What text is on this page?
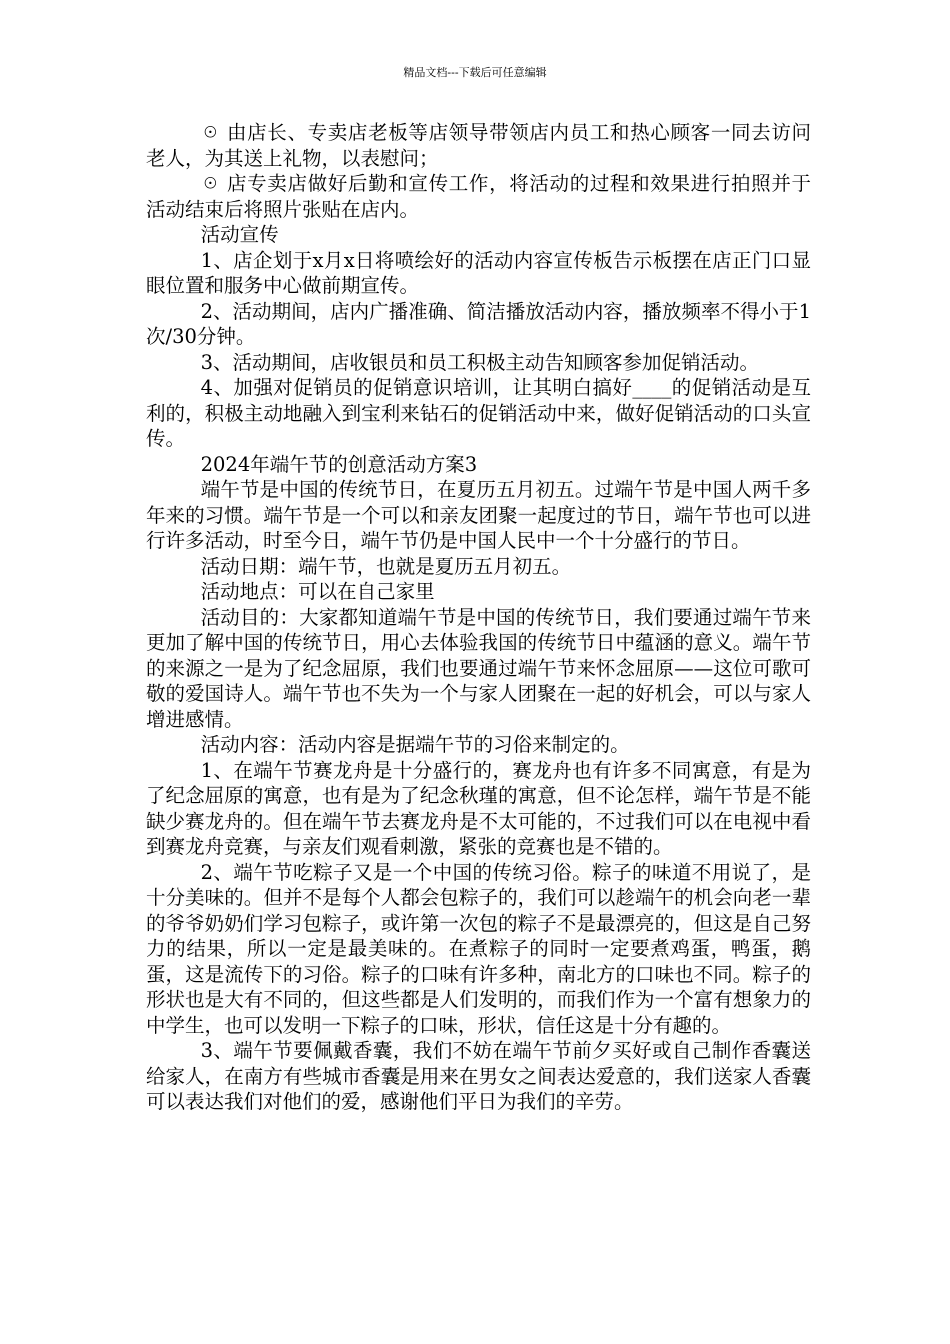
精品文档---下载后可任意编辑

☉ 由店长、专卖店老板等店领导带领店内员工和热心顾客一同去访问老人，为其送上礼物，以表慰问；

☉ 店专卖店做好后勤和宣传工作，将活动的过程和效果进行拍照并于活动结束后将照片张贴在店内。

活动宣传

1、店企划于x月x日将喷绘好的活动内容宣传板告示板摆在店正门口显眼位置和服务中心做前期宣传。

2、活动期间，店内广播准确、简洁播放活动内容，播放频率不得小于1次/30分钟。

3、活动期间，店收银员和员工积极主动告知顾客参加促销活动。

4、加强对促销员的促销意识培训，让其明白搞好____的促销活动是互利的，积极主动地融入到宝利来钻石的促销活动中来，做好促销活动的口头宣传。

2024年端午节的创意活动方案3

端午节是中国的传统节日，在夏历五月初五。过端午节是中国人两千多年来的习惯。端午节是一个可以和亲友团聚一起度过的节日，端午节也可以进行许多活动，时至今日，端午节仍是中国人民中一个十分盛行的节日。

活动日期：端午节，也就是夏历五月初五。

活动地点：可以在自己家里

活动目的：大家都知道端午节是中国的传统节日，我们要通过端午节来更加了解中国的传统节日，用心去体验我国的传统节日中蕴涵的意义。端午节的来源之一是为了纪念屈原，我们也要通过端午节来怀念屈原——这位可歌可敬的爱国诗人。端午节也不失为一个与家人团聚在一起的好机会，可以与家人增进感情。

活动内容：活动内容是据端午节的习俗来制定的。

1、在端午节赛龙舟是十分盛行的，赛龙舟也有许多不同寓意，有是为了纪念屈原的寓意，也有是为了纪念秋瑾的寓意，但不论怎样，端午节是不能缺少赛龙舟的。但在端午节去赛龙舟是不太可能的，不过我们可以在电视中看到赛龙舟竞赛，与亲友们观看刺激，紧张的竞赛也是不错的。

2、端午节吃粽子又是一个中国的传统习俗。粽子的味道不用说了，是十分美味的。但并不是每个人都会包粽子的，我们可以趁端午的机会向老一辈的爷爷奶奶们学习包粽子，或许第一次包的粽子不是最漂亮的，但这是自己努力的结果，所以一定是最美味的。在煮粽子的同时一定要煮鸡蛋，鸭蛋，鹅蛋，这是流传下的习俗。粽子的口味有许多种，南北方的口味也不同。粽子的形状也是大有不同的，但这些都是人们发明的，而我们作为一个富有想象力的中学生，也可以发明一下粽子的口味，形状，信任这是十分有趣的。

3、端午节要佩戴香囊，我们不妨在端午节前夕买好或自己制作香囊送给家人，在南方有些城市香囊是用来在男女之间表达爱意的，我们送家人香囊可以表达我们对他们的爱，感谢他们平日为我们的辛劳。
